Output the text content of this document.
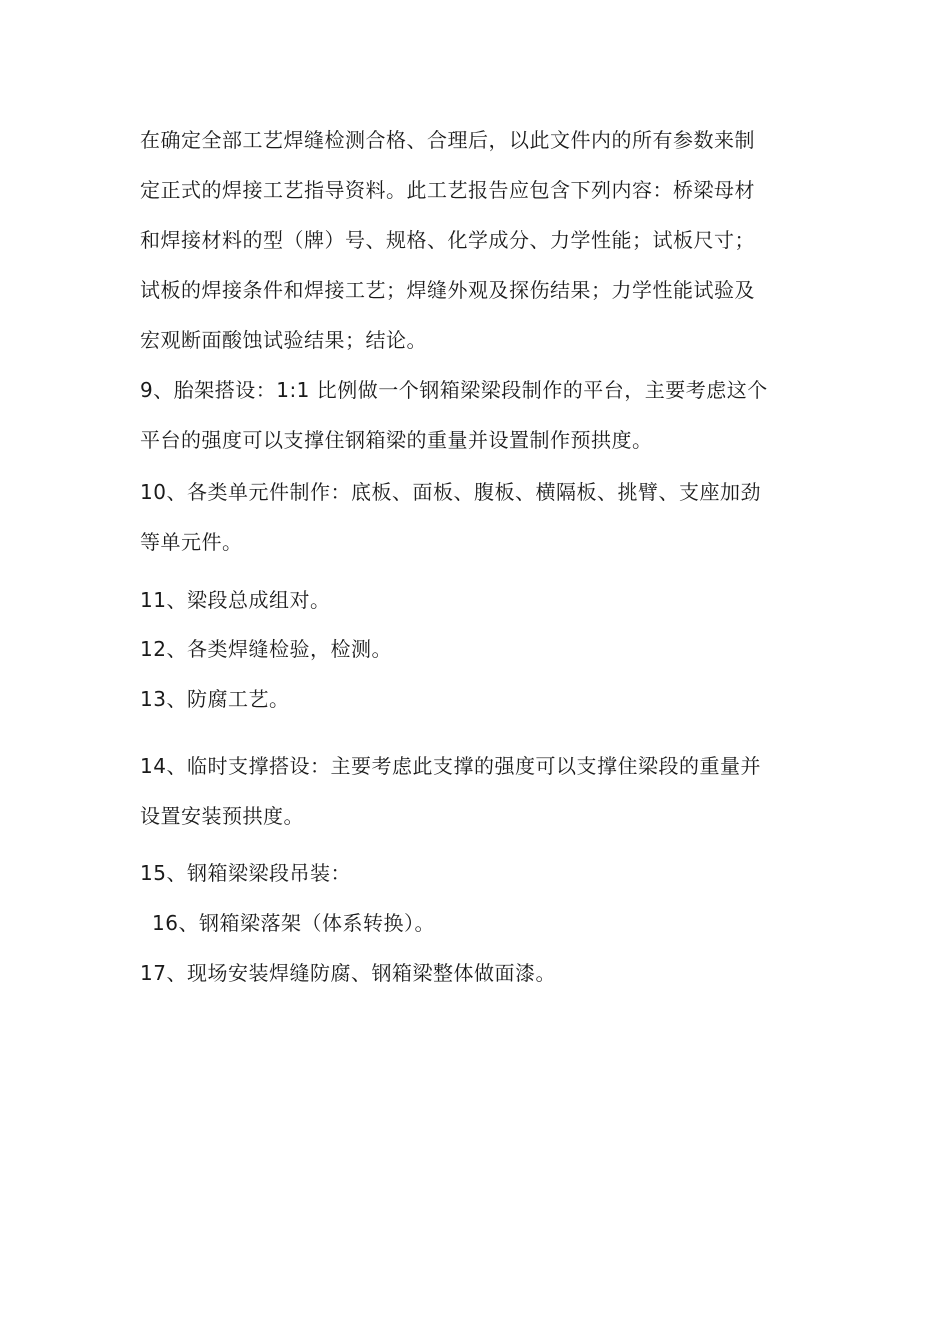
在确定全部工艺焊缝检测合格、合理后，以此文件内的所有参数来制
定正式的焊接工艺指导资料。此工艺报告应包含下列内容：桥梁母材
和焊接材料的型（牌）号、规格、化学成分、力学性能；试板尺寸；
试板的焊接条件和焊接工艺；焊缝外观及探伤结果；力学性能试验及
宏观断面酸蚀试验结果；结论。
9、胎架搭设：1:1 比例做一个钢箱梁梁段制作的平台，主要考虑这个
平台的强度可以支撑住钢箱梁的重量并设置制作预拱度。
10、各类单元件制作：底板、面板、腹板、横隔板、挑臂、支座加劲
等单元件。
11、梁段总成组对。
12、各类焊缝检验，检测。
13、防腐工艺。
14、临时支撑搭设：主要考虑此支撑的强度可以支撑住梁段的重量并
设置安装预拱度。
15、钢箱梁梁段吊装：
16、钢箱梁落架（体系转换）。
17、现场安装焊缝防腐、钢箱梁整体做面漆。
